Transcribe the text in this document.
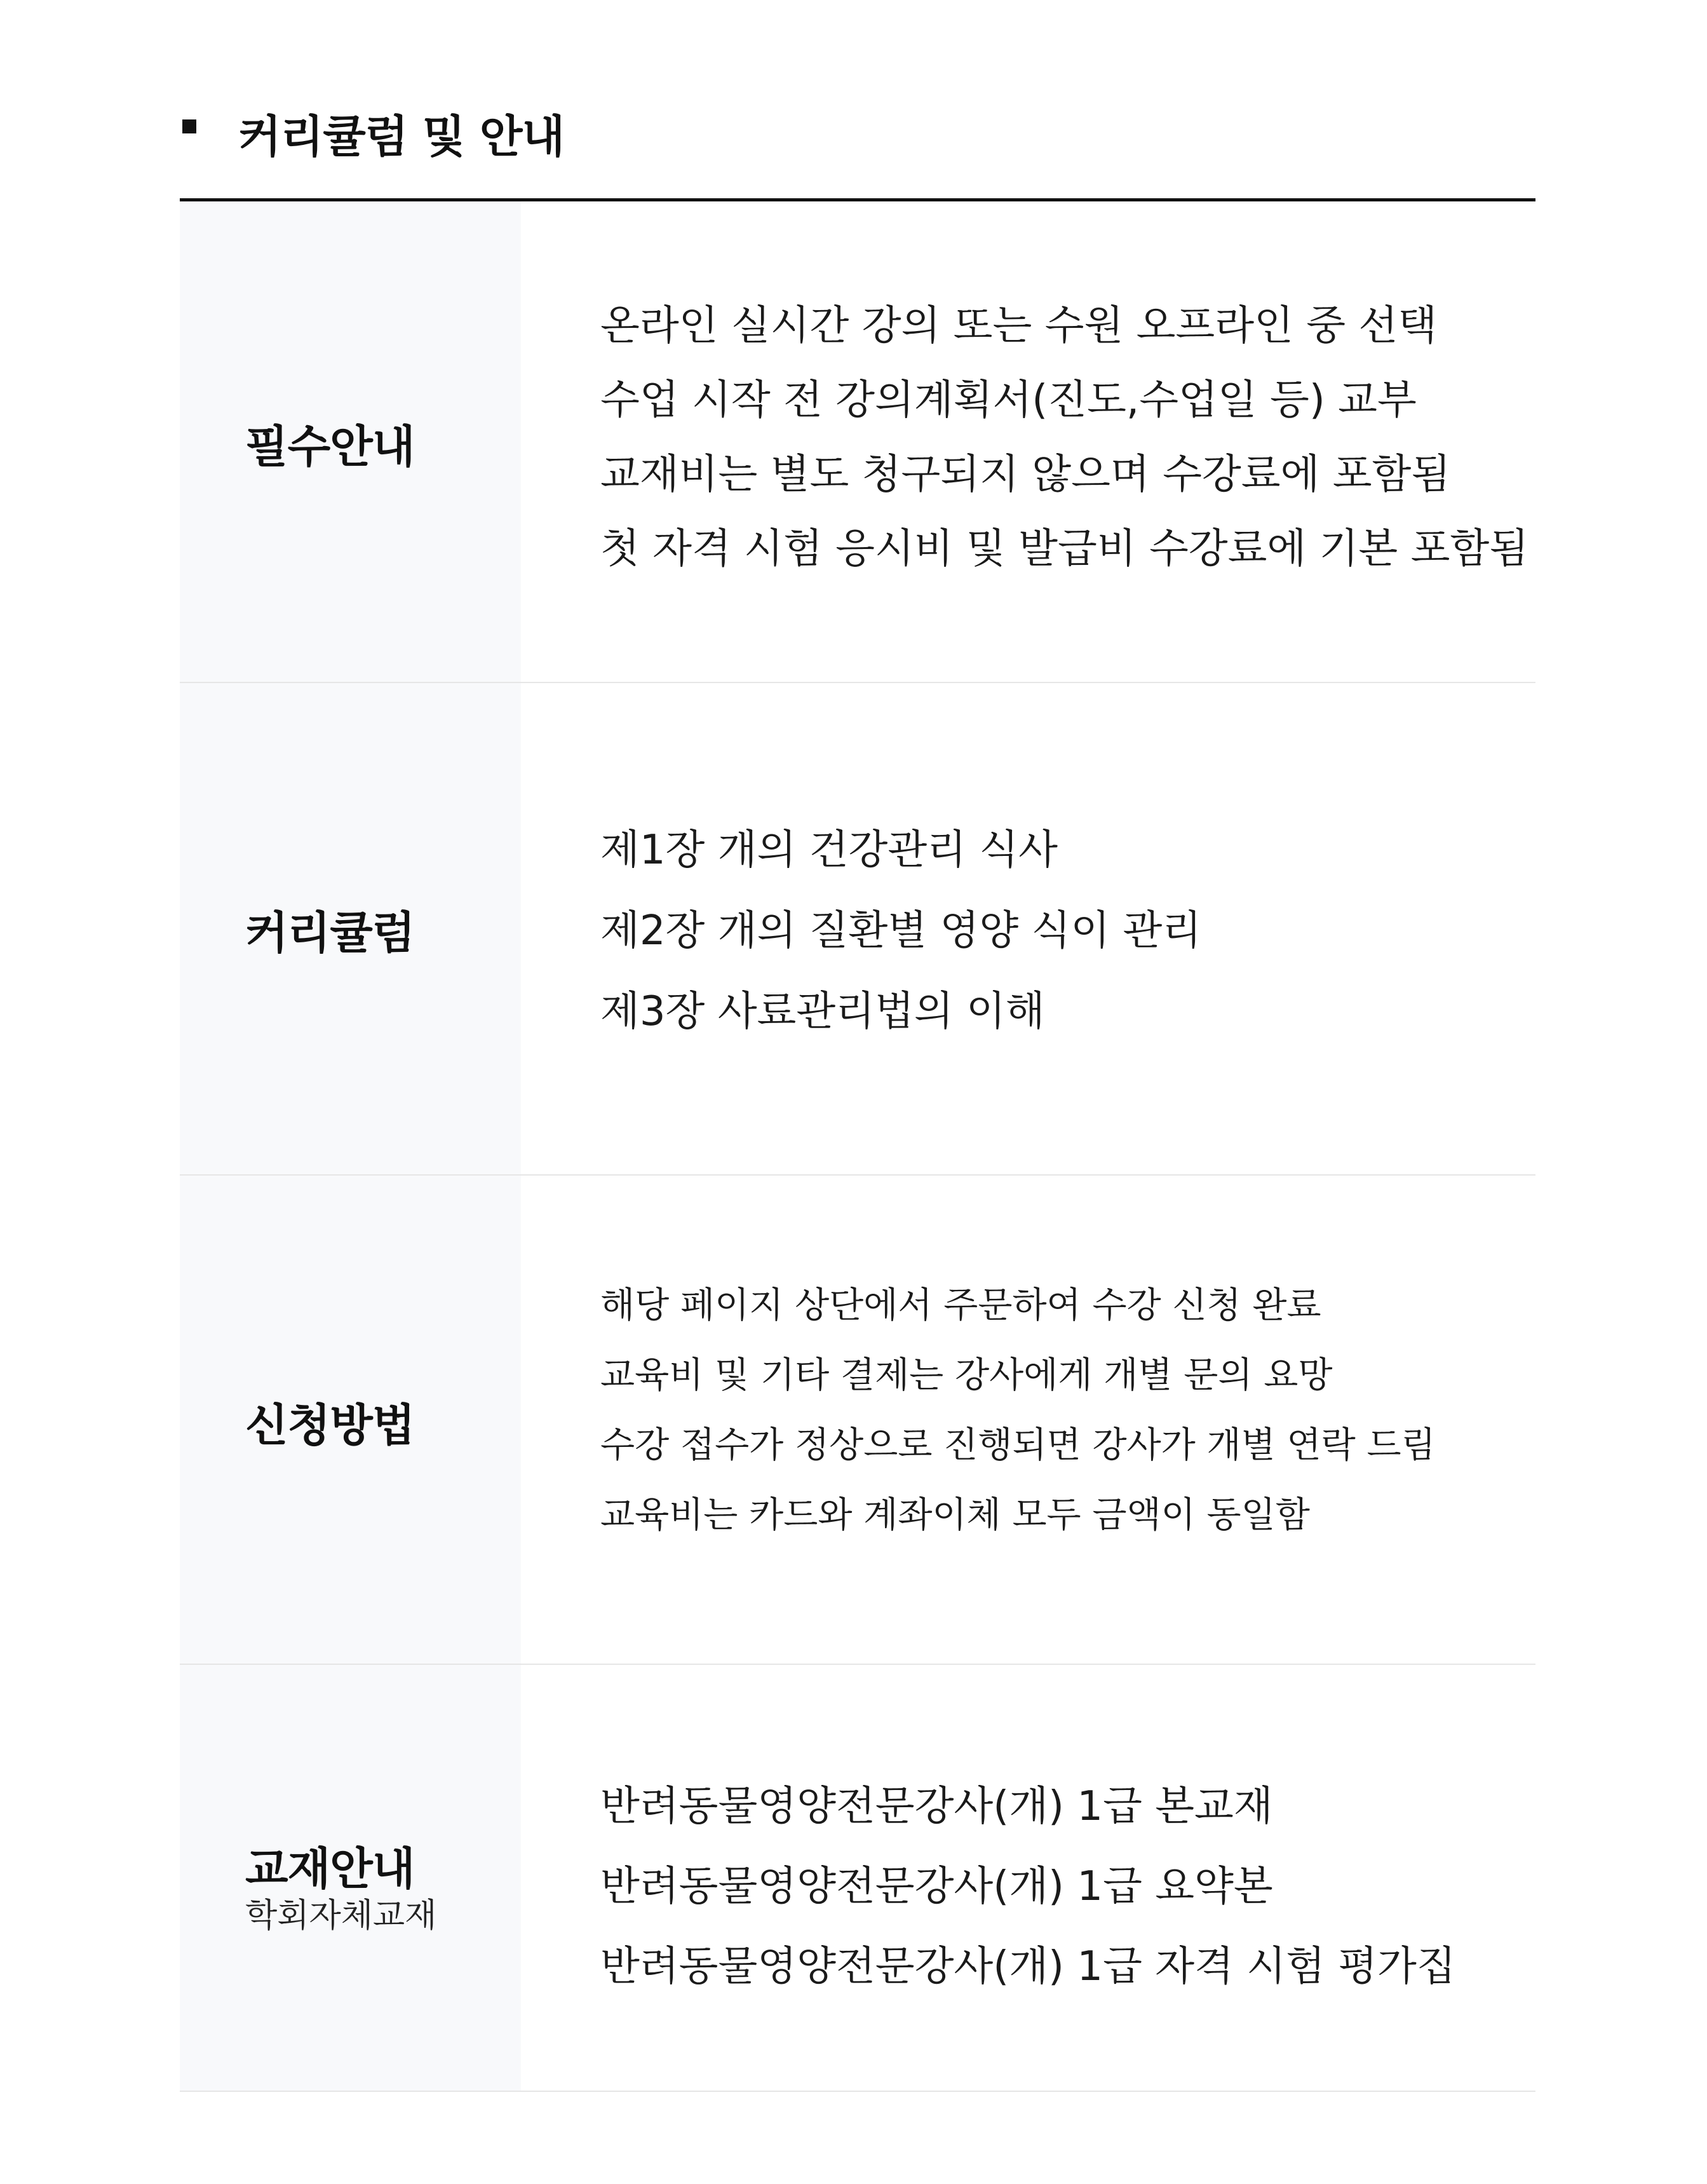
커리큘럼 및 안내
필수안내
온라인 실시간 강의 또는 수원 오프라인 중 선택
수업 시작 전 강의계획서(진도,수업일 등) 교부
교재비는 별도 청구되지 않으며 수강료에 포함됨
첫 자격 시험 응시비 및 발급비 수강료에 기본 포함됨
커리큘럼
제1장 개의 건강관리 식사
제2장 개의 질환별 영양 식이 관리
제3장 사료관리법의 이해
신청방법
해당 페이지 상단에서 주문하여 수강 신청 완료
교육비 및 기타 결제는 강사에게 개별 문의 요망
수강 접수가 정상으로 진행되면 강사가 개별 연락 드림
교육비는 카드와 계좌이체 모두 금액이 동일함
교재안내
학회자체교재
반려동물영양전문강사(개) 1급 본교재
반려동물영양전문강사(개) 1급 요약본
반려동물영양전문강사(개) 1급 자격 시험 평가집
